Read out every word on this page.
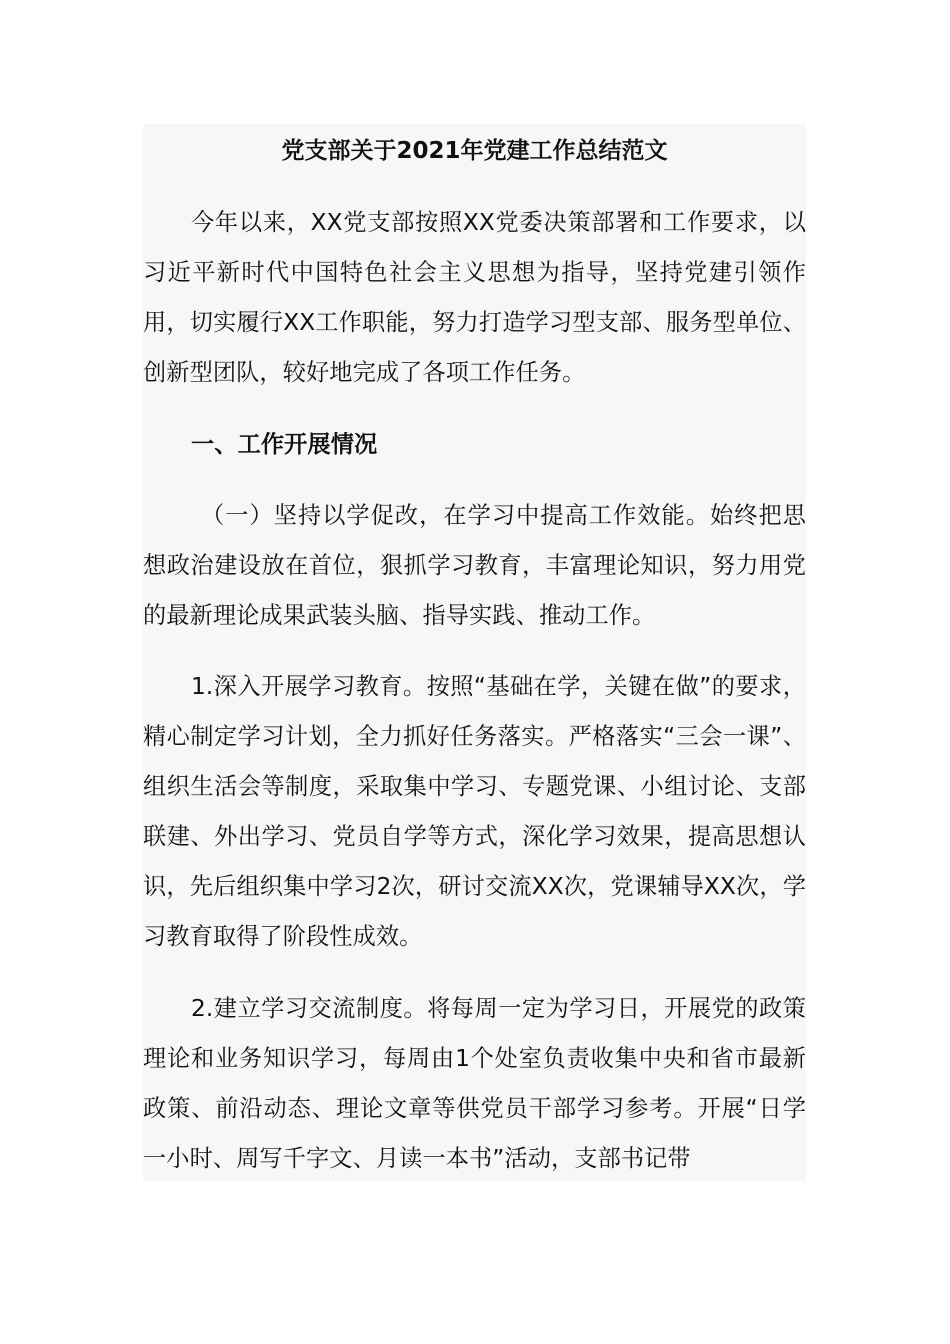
党支部关于2021年党建工作总结范文
今年以来，XX党支部按照XX党委决策部署和工作要求，以习近平新时代中国特色社会主义思想为指导，坚持党建引领作用，切实履行XX工作职能，努力打造学习型支部、服务型单位、创新型团队，较好地完成了各项工作任务。
一、工作开展情况
（一）坚持以学促改，在学习中提高工作效能。始终把思想政治建设放在首位，狠抓学习教育，丰富理论知识，努力用党的最新理论成果武装头脑、指导实践、推动工作。
1.深入开展学习教育。按照“基础在学，关键在做”的要求，精心制定学习计划，全力抓好任务落实。严格落实“三会一课”、组织生活会等制度，采取集中学习、专题党课、小组讨论、支部联建、外出学习、党员自学等方式，深化学习效果，提高思想认识，先后组织集中学习2次，研讨交流XX次，党课辅导XX次，学习教育取得了阶段性成效。
2.建立学习交流制度。将每周一定为学习日，开展党的政策理论和业务知识学习，每周由1个处室负责收集中央和省市最新政策、前沿动态、理论文章等供党员干部学习参考。开展“日学一小时、周写千字文、月读一本书”活动，支部书记带
